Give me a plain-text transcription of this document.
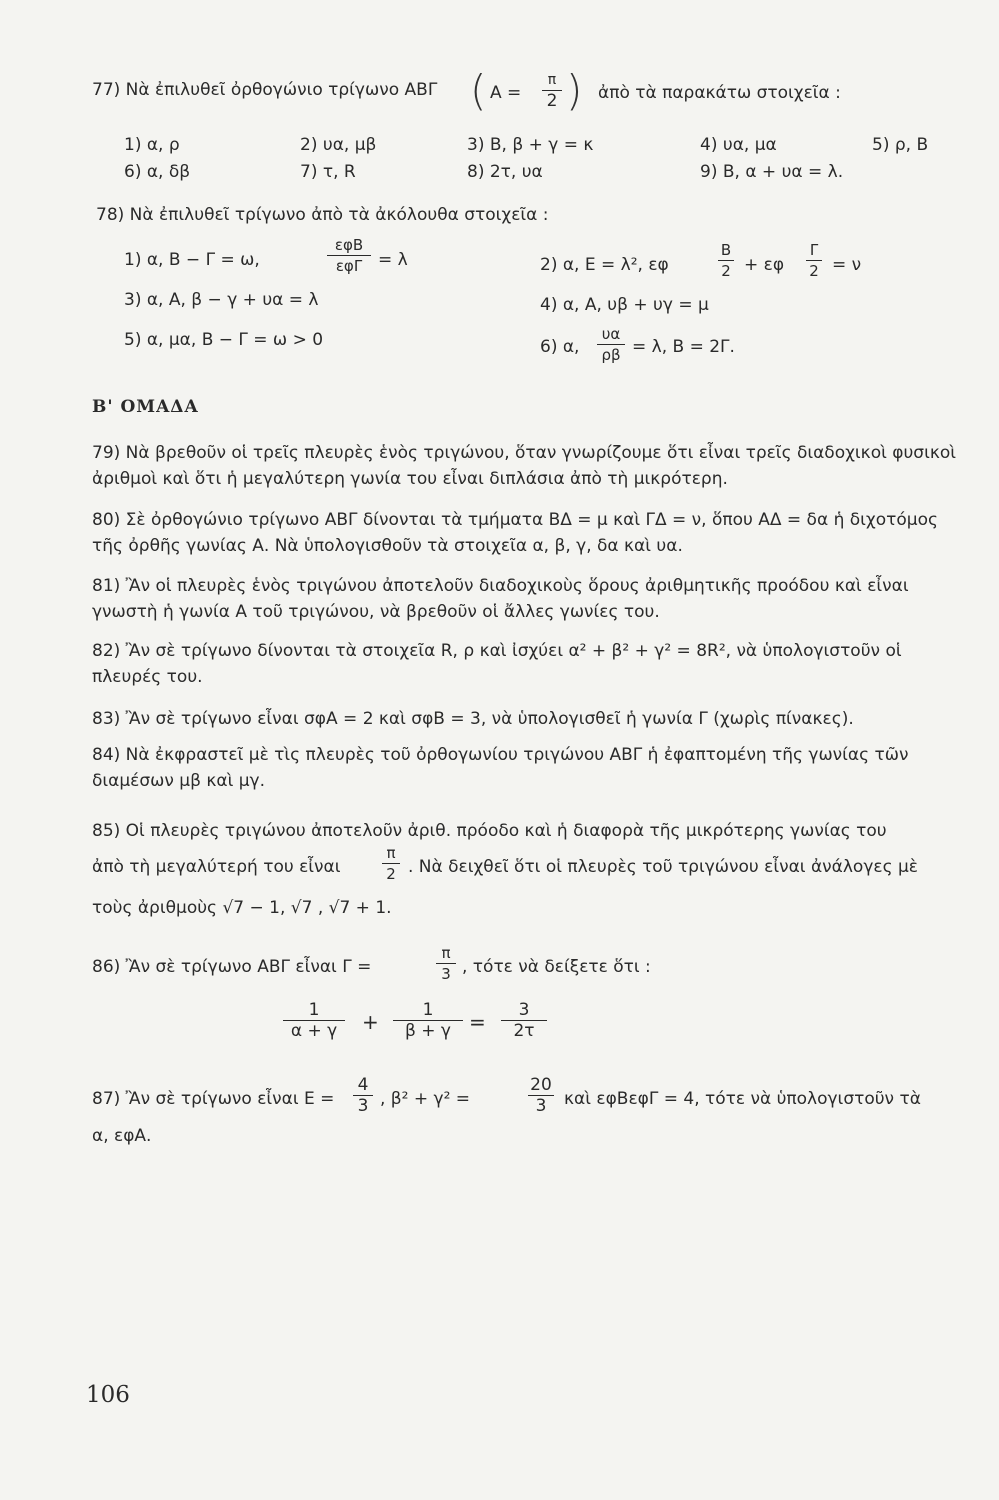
77) Νὰ ἐπιλυθεῖ ὀρθογώνιο τρίγωνο ΑΒΓ ( Α =
π
2 ) ἀπὸ τὰ παρακάτω στοιχεῖα :
1) α, ρ	2) υα, μβ	3) Β, β + γ = κ	4) υα, μα	5) ρ, Β
6) α, δβ	7) τ, R	8) 2τ, υα	9) Β, α + υα = λ.
78) Νὰ ἐπιλυθεῖ τρίγωνο ἀπὸ τὰ ἀκόλουθα στοιχεῖα :
1) α, Β − Γ = ω,
εφΒ
εφΓ = λ	2) α, Ε = λ², εφ
Β
2 + εφ
Γ
2 = ν
3) α, Α, β − γ + υα = λ	4) α, Α, υβ + υγ = μ
5) α, μα, Β − Γ = ω > 0	6) α,
υα
ρβ = λ, Β = 2Γ.
Β' ΟΜΑΔΑ
79) Νὰ βρεθοῦν οἱ τρεῖς πλευρὲς ἑνὸς τριγώνου, ὅταν γνωρίζουμε ὅτι εἶναι τρεῖς διαδοχικοὶ φυσικοὶ ἀριθμοὶ καὶ ὅτι ἡ μεγαλύτερη γωνία του εἶναι διπλάσια ἀπὸ τὴ μικρότερη.
80) Σὲ ὀρθογώνιο τρίγωνο ΑΒΓ δίνονται τὰ τμήματα ΒΔ = μ καὶ ΓΔ = ν, ὅπου ΑΔ = δα ἡ διχοτόμος τῆς ὀρθῆς γωνίας Α. Νὰ ὑπολογισθοῦν τὰ στοιχεῖα α, β, γ, δα καὶ υα.
81) Ἂν οἱ πλευρὲς ἑνὸς τριγώνου ἀποτελοῦν διαδοχικοὺς ὅρους ἀριθμητικῆς προόδου καὶ εἶναι γνωστὴ ἡ γωνία Α τοῦ τριγώνου, νὰ βρεθοῦν οἱ ἄλλες γωνίες του.
82) Ἂν σὲ τρίγωνο δίνονται τὰ στοιχεῖα R, ρ καὶ ἰσχύει α² + β² + γ² = 8R², νὰ ὑπολογιστοῦν οἱ πλευρές του.
83) Ἂν σὲ τρίγωνο εἶναι σφΑ = 2 καὶ σφΒ = 3, νὰ ὑπολογισθεῖ ἡ γωνία Γ (χωρὶς πίνακες).
84) Νὰ ἐκφραστεῖ μὲ τὶς πλευρὲς τοῦ ὀρθογωνίου τριγώνου ΑΒΓ ἡ ἐφαπτομένη τῆς γωνίας τῶν διαμέσων μβ καὶ μγ.
85) Οἱ πλευρὲς τριγώνου ἀποτελοῦν ἀριθ. πρόοδο καὶ ἡ διαφορὰ τῆς μικρότερης γωνίας του
ἀπὸ τὴ μεγαλύτερή του εἶναι
π
2 . Νὰ δειχθεῖ ὅτι οἱ πλευρὲς τοῦ τριγώνου εἶναι ἀνάλογες μὲ
τοὺς ἀριθμοὺς √7 − 1, √7 , √7 + 1.
86) Ἂν σὲ τρίγωνο ΑΒΓ εἶναι Γ =
π
3 , τότε νὰ δείξετε ὅτι :
1
α + γ	+	1
β + γ =	3
2τ
87) Ἂν σὲ τρίγωνο εἶναι Ε =
4
3 , β² + γ² =
20
3	καὶ εφΒεφΓ = 4, τότε νὰ ὑπολογιστοῦν τὰ
α, εφΑ.
106
